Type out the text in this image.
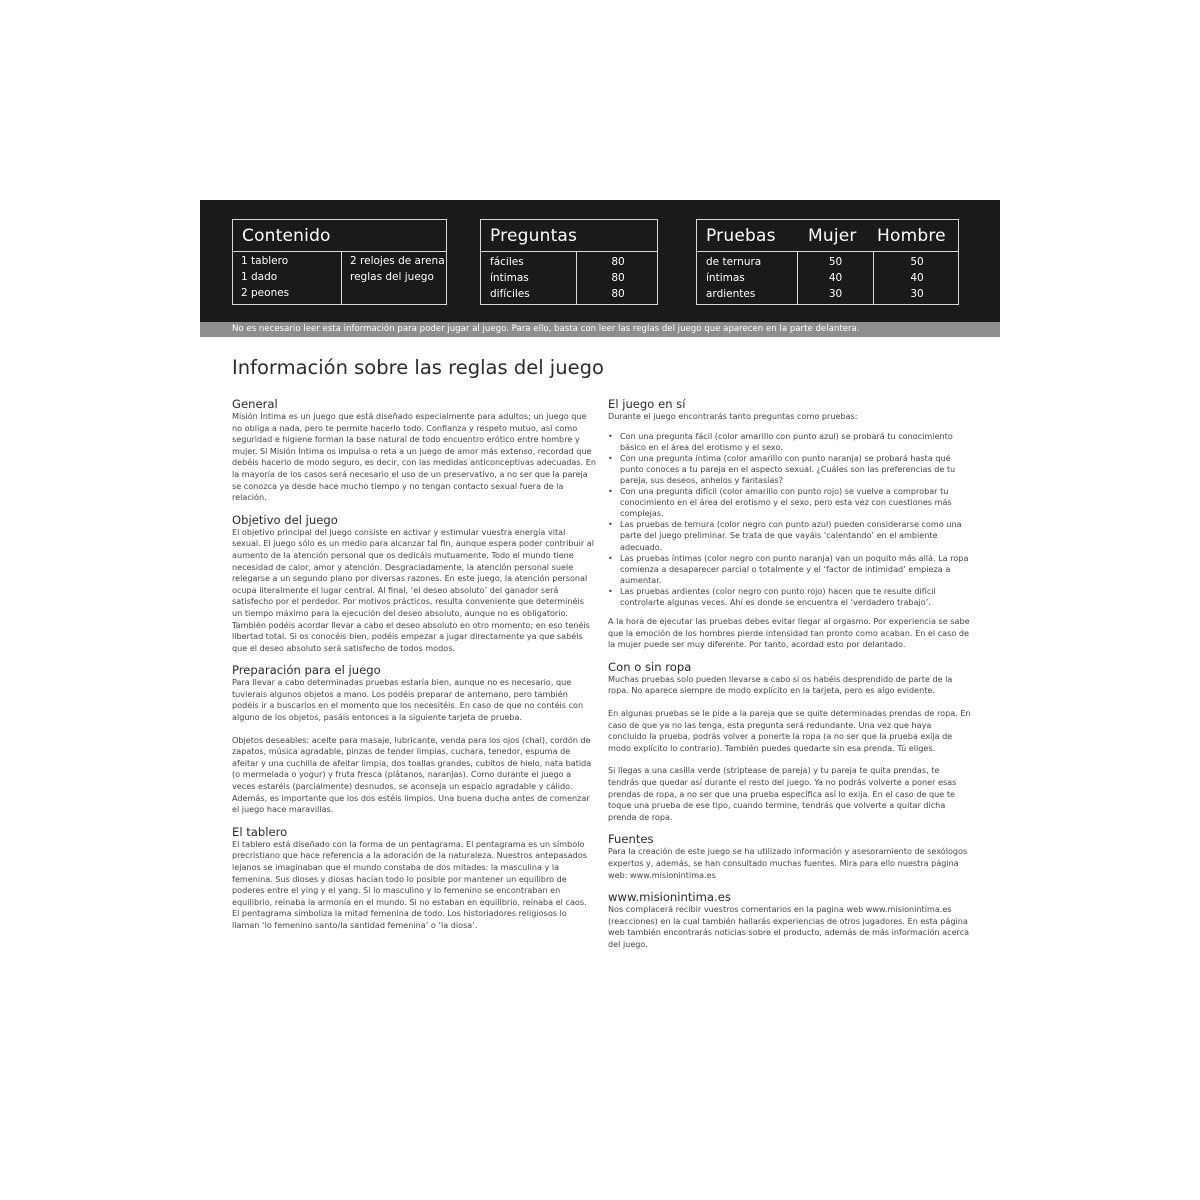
Contenido
1 tablero
1 dado
2 peones
2 relojes de arena
reglas del juego
Preguntas
fáciles
íntimas
difíciles
80
80
80
Pruebas Mujer Hombre
de ternura
íntimas
ardientes
50
40
30
50
40
30
No es necesario leer esta información para poder jugar al juego. Para ello, basta con leer las reglas del juego que aparecen en la parte delantera.
Información sobre las reglas del juego
General

Misión Íntima es un juego que está diseñado especialmente para adultos; un juego que no obliga a nada, pero te permite hacerlo todo. Confianza y respeto mutuo, así como seguridad e higiene forman la base natural de todo encuentro erótico entre hombre y mujer. Si Misión Íntima os impulsa o reta a un juego de amor más extenso, recordad que debéis hacerlo de modo seguro, es decir, con las medidas anticonceptivas adecuadas. En la mayoría de los casos será necesario el uso de un preservativo, a no ser que la pareja se conozca ya desde hace mucho tiempo y no tengan contacto sexual fuera de la relación.

Objetivo del juego

El objetivo principal del juego consiste en activar y estimular vuestra energía vital sexual. El juego sólo es un medio para alcanzar tal fin, aunque espera poder contribuir al aumento de la atención personal que os dedicáis mutuamente. Todo el mundo tiene necesidad de calor, amor y atención. Desgraciadamente, la atención personal suele relegarse a un segundo plano por diversas razones. En este juego, la atención personal ocupa literalmente el lugar central. Al final, ‘el deseo absoluto’ del ganador será satisfecho por el perdedor. Por motivos prácticos, resulta conveniente que determinéis un tiempo máximo para la ejecución del deseo absoluto, aunque no es obligatorio. También podéis acordar llevar a cabo el deseo absoluto en otro momento; en eso tenéis libertad total. Si os conocéis bien, podéis empezar a jugar directamente ya que sabéis que el deseo absoluto será satisfecho de todos modos.

Preparación para el juego

Para llevar a cabo determinadas pruebas estaría bien, aunque no es necesario, que tuvierais algunos objetos a mano. Los podéis preparar de antemano, pero también podéis ir a buscarlos en el momento que los necesitéis. En caso de que no contéis con alguno de los objetos, pasáis entonces a la siguiente tarjeta de prueba.

Objetos deseables: aceite para masaje, lubricante, venda para los ojos (chal), cordón de zapatos, música agradable, pinzas de tender limpias, cuchara, tenedor, espuma de afeitar y una cuchilla de afeitar limpia, dos toallas grandes, cubitos de hielo, nata batida (o mermelada o yogur) y fruta fresca (plátanos, naranjas). Como durante el juego a veces estaréis (parcialmente) desnudos, se aconseja un espacio agradable y cálido. Además, es importante que los dos estéis limpios. Una buena ducha antes de comenzar el juego hace maravillas.

El tablero

El tablero está diseñado con la forma de un pentagrama. El pentagrama es un símbolo precristiano que hace referencia a la adoración de la naturaleza. Nuestros antepasados lejanos se imaginaban que el mundo constaba de dos mitades: la masculina y la femenina. Sus dioses y diosas hacían todo lo posible por mantener un equilibro de poderes entre el ying y el yang. Si lo masculino y lo femenino se encontraban en equilibrio, reinaba la armonía en el mundo. Si no estaban en equilibrio, reinaba el caos. El pentagrama simboliza la mitad femenina de todo. Los historiadores religiosos lo llaman ‘lo femenino santo/la santidad femenina’ o ‘la diosa’.

El juego en sí

Durante el juego encontrarás tanto preguntas como pruebas:

• Con una pregunta fácil (color amarillo con punto azul) se probará tu conocimiento básico en el área del erotismo y el sexo.
• Con una pregunta íntima (color amarillo con punto naranja) se probará hasta qué punto conoces a tu pareja en el aspecto sexual. ¿Cuáles son las preferencias de tu pareja, sus deseos, anhelos y fantasías?
• Con una pregunta difícil (color amarillo con punto rojo) se vuelve a comprobar tu conocimiento en el área del erotismo y el sexo, pero esta vez con cuestiones más complejas.
• Las pruebas de ternura (color negro con punto azul) pueden considerarse como una parte del juego preliminar. Se trata de que vayáis ‘calentando’ en el ambiente adecuado.
• Las pruebas íntimas (color negro con punto naranja) van un poquito más allá. La ropa comienza a desaparecer parcial o totalmente y el ‘factor de intimidad’ empieza a aumentar.
• Las pruebas ardientes (color negro con punto rojo) hacen que te resulte difícil controlarte algunas veces. Ahí es donde se encuentra el ‘verdadero trabajo’.

A la hora de ejecutar las pruebas debes evitar llegar al orgasmo. Por experiencia se sabe que la emoción de los hombres pierde intensidad tan pronto como acaban. En el caso de la mujer puede ser muy diferente. Por tanto, acordad esto por delantado.

Con o sin ropa

Muchas pruebas solo pueden llevarse a cabo si os habéis desprendido de parte de la ropa. No aparece siempre de modo explícito en la tarjeta, pero es algo evidente.

En algunas pruebas se le pide a la pareja que se quite determinadas prendas de ropa. En caso de que ya no las tenga, esta pregunta será redundante. Una vez que haya concluido la prueba, podrás volver a ponerte la ropa (a no ser que la prueba exija de modo explícito lo contrario). También puedes quedarte sin esa prenda. Tú eliges.

Si llegas a una casilla verde (striptease de pareja) y tu pareja te quita prendas, te tendrás que quedar así durante el resto del juego. Ya no podrás volverte a poner esas prendas de ropa, a no ser que una prueba específica así lo exija. En el caso de que te toque una prueba de ese tipo, cuando termine, tendrás que volverte a quitar dicha prenda de ropa.

Fuentes

Para la creación de este juego se ha utilizado información y asesoramiento de sexólogos expertos y, además, se han consultado muchas fuentes. Mira para ello nuestra página web: www.misionintima.es

www.misionintima.es

Nos complacerá recibir vuestros comentarios en la pagina web www.misionintima.es (reacciones) en la cual también hallarás experiencias de otros jugadores. En esta página web también encontrarás noticias sobre el producto, además de más información acerca del juego.
